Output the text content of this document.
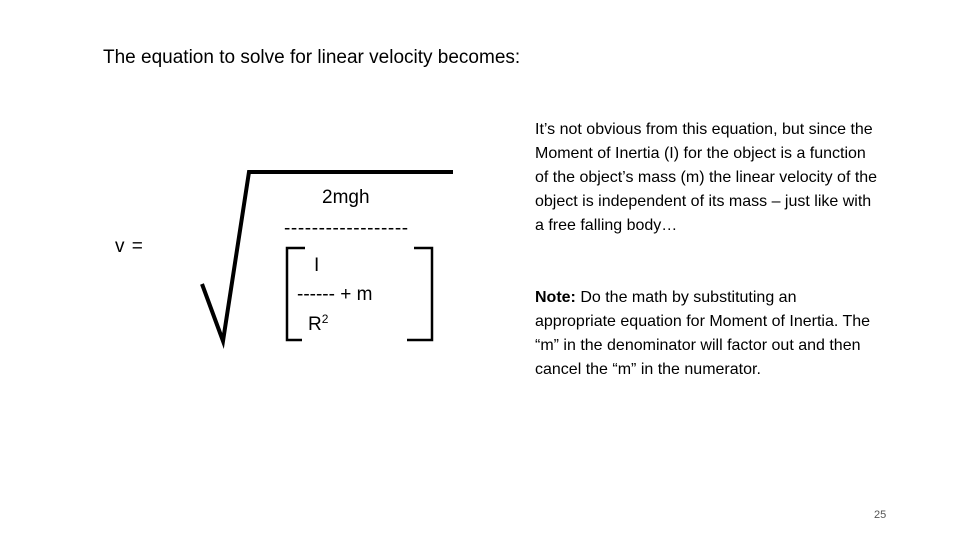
The equation to solve for linear velocity becomes:
v =
2mgh
------------------
I
------ + m
$R^2$
It’s not obvious from this equation, but since the Moment of Inertia (I) for the object is a function of the object’s mass (m) the linear velocity of the object is independent of its mass – just like with a free falling body…
Note: Do the math by substituting an appropriate equation for Moment of Inertia. The “m” in the denominator will factor out and then cancel the “m” in the numerator.
25
